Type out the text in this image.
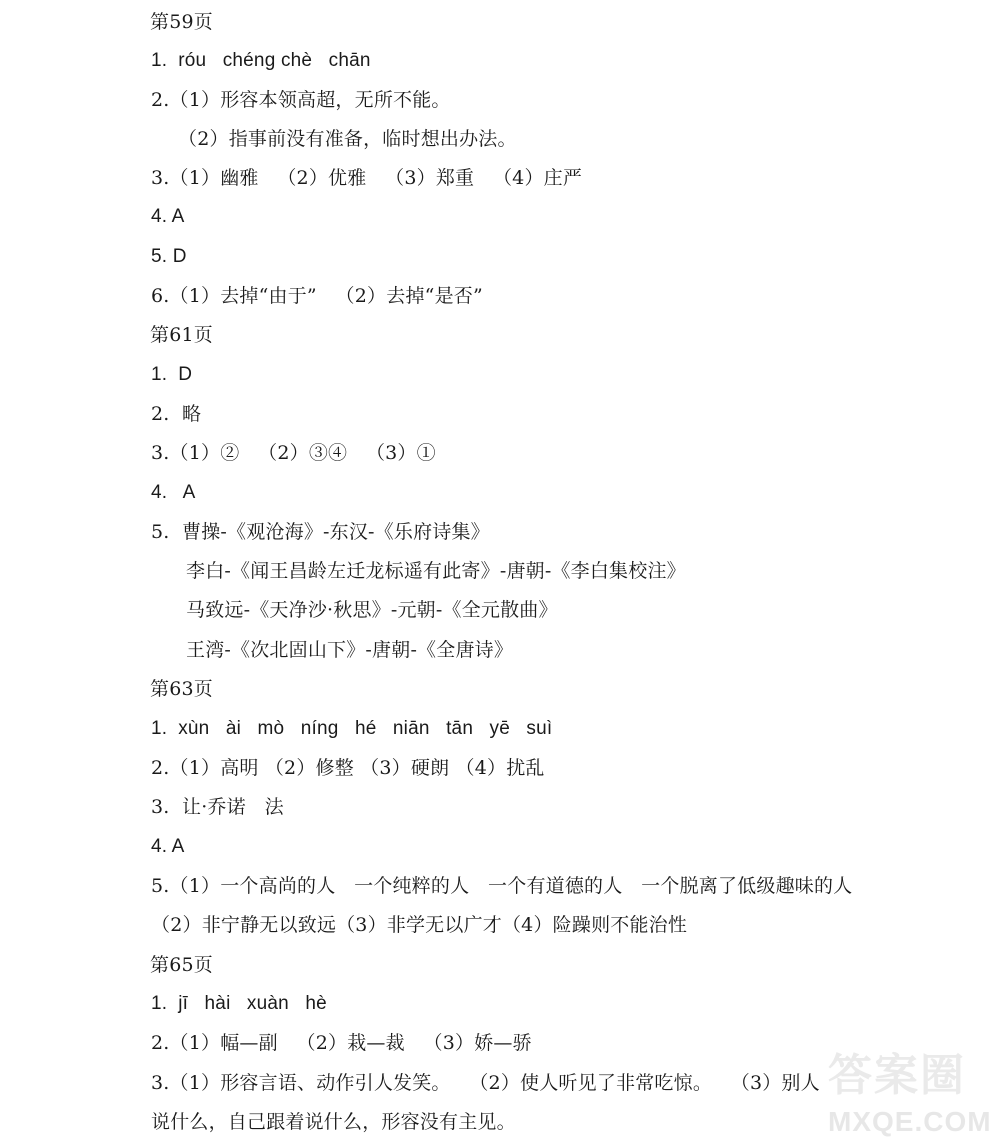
第59页
1.  róu   chéng chè   chān
2.（1）形容本领高超，无所不能。
（2）指事前没有准备，临时想出办法。
3.（1）幽雅   （2）优雅   （3）郑重   （4）庄严
4. A
5. D
6.（1）去掉“由于”   （2）去掉“是否”
第61页
1.  D
2.  略
3.（1）②   （2）③④   （3）①
4.   A
5.  曹操-《观沧海》-东汉-《乐府诗集》
李白-《闻王昌龄左迁龙标遥有此寄》-唐朝-《李白集校注》
马致远-《天净沙·秋思》-元朝-《全元散曲》
王湾-《次北固山下》-唐朝-《全唐诗》
第63页
1.  xùn   ài   mò   níng   hé   niān   tān   yē   suì
2.（1）高明 （2）修整 （3）硬朗 （4）扰乱
3.  让·乔诺   法
4. A
5.（1）一个高尚的人   一个纯粹的人   一个有道德的人   一个脱离了低级趣味的人
（2）非宁静无以致远（3）非学无以广才（4）险躁则不能治性
第65页
1.  jī   hài   xuàn   hè
2.（1）幅—副   （2）栽—裁   （3）娇—骄
3.（1）形容言语、动作引人发笑。   （2）使人听见了非常吃惊。   （3）别人
说什么，自己跟着说什么，形容没有主见。
答案圈
MXQE.COM
